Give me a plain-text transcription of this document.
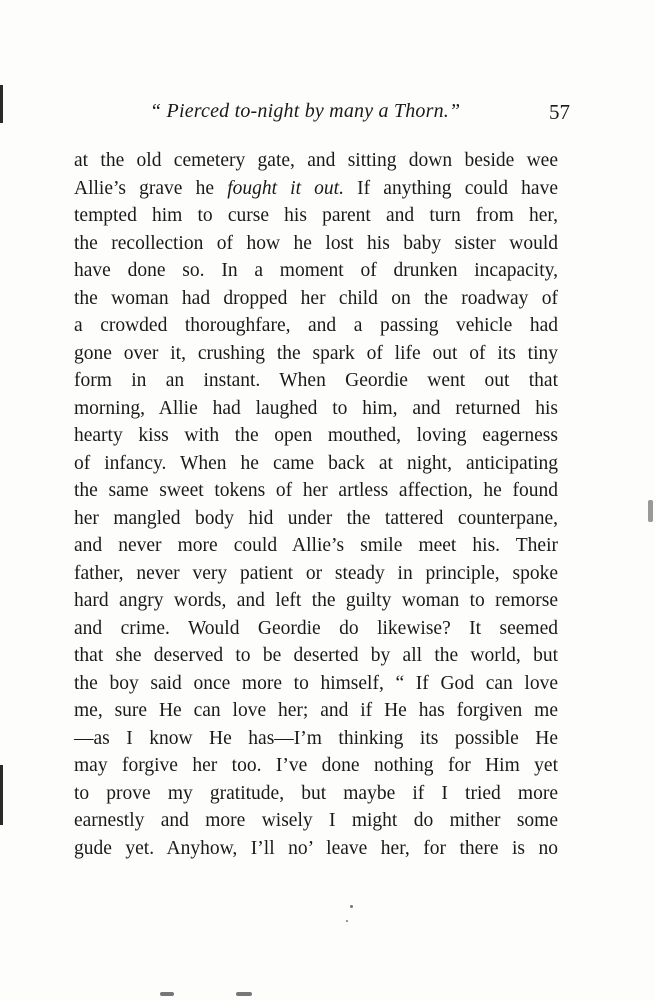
“ Pierced to-night by many a Thorn.”	57
at the old cemetery gate, and sitting down beside wee
Allie’s grave he fought it out. If anything could have
tempted him to curse his parent and turn from her,
the recollection of how he lost his baby sister would
have done so. In a moment of drunken incapacity,
the woman had dropped her child on the roadway of
a crowded thoroughfare, and a passing vehicle had
gone over it, crushing the spark of life out of its tiny
form in an instant. When Geordie went out that
morning, Allie had laughed to him, and returned his
hearty kiss with the open mouthed, loving eagerness
of infancy. When he came back at night, anticipating
the same sweet tokens of her artless affection, he found
her mangled body hid under the tattered counterpane,
and never more could Allie’s smile meet his. Their
father, never very patient or steady in principle, spoke
hard angry words, and left the guilty woman to remorse
and crime. Would Geordie do likewise? It seemed
that she deserved to be deserted by all the world, but
the boy said once more to himself, “ If God can love
me, sure He can love her; and if He has forgiven me
—as I know He has—I’m thinking its possible He
may forgive her too. I’ve done nothing for Him yet
to prove my gratitude, but maybe if I tried more
earnestly and more wisely I might do mither some
gude yet. Anyhow, I’ll no’ leave her, for there is no
